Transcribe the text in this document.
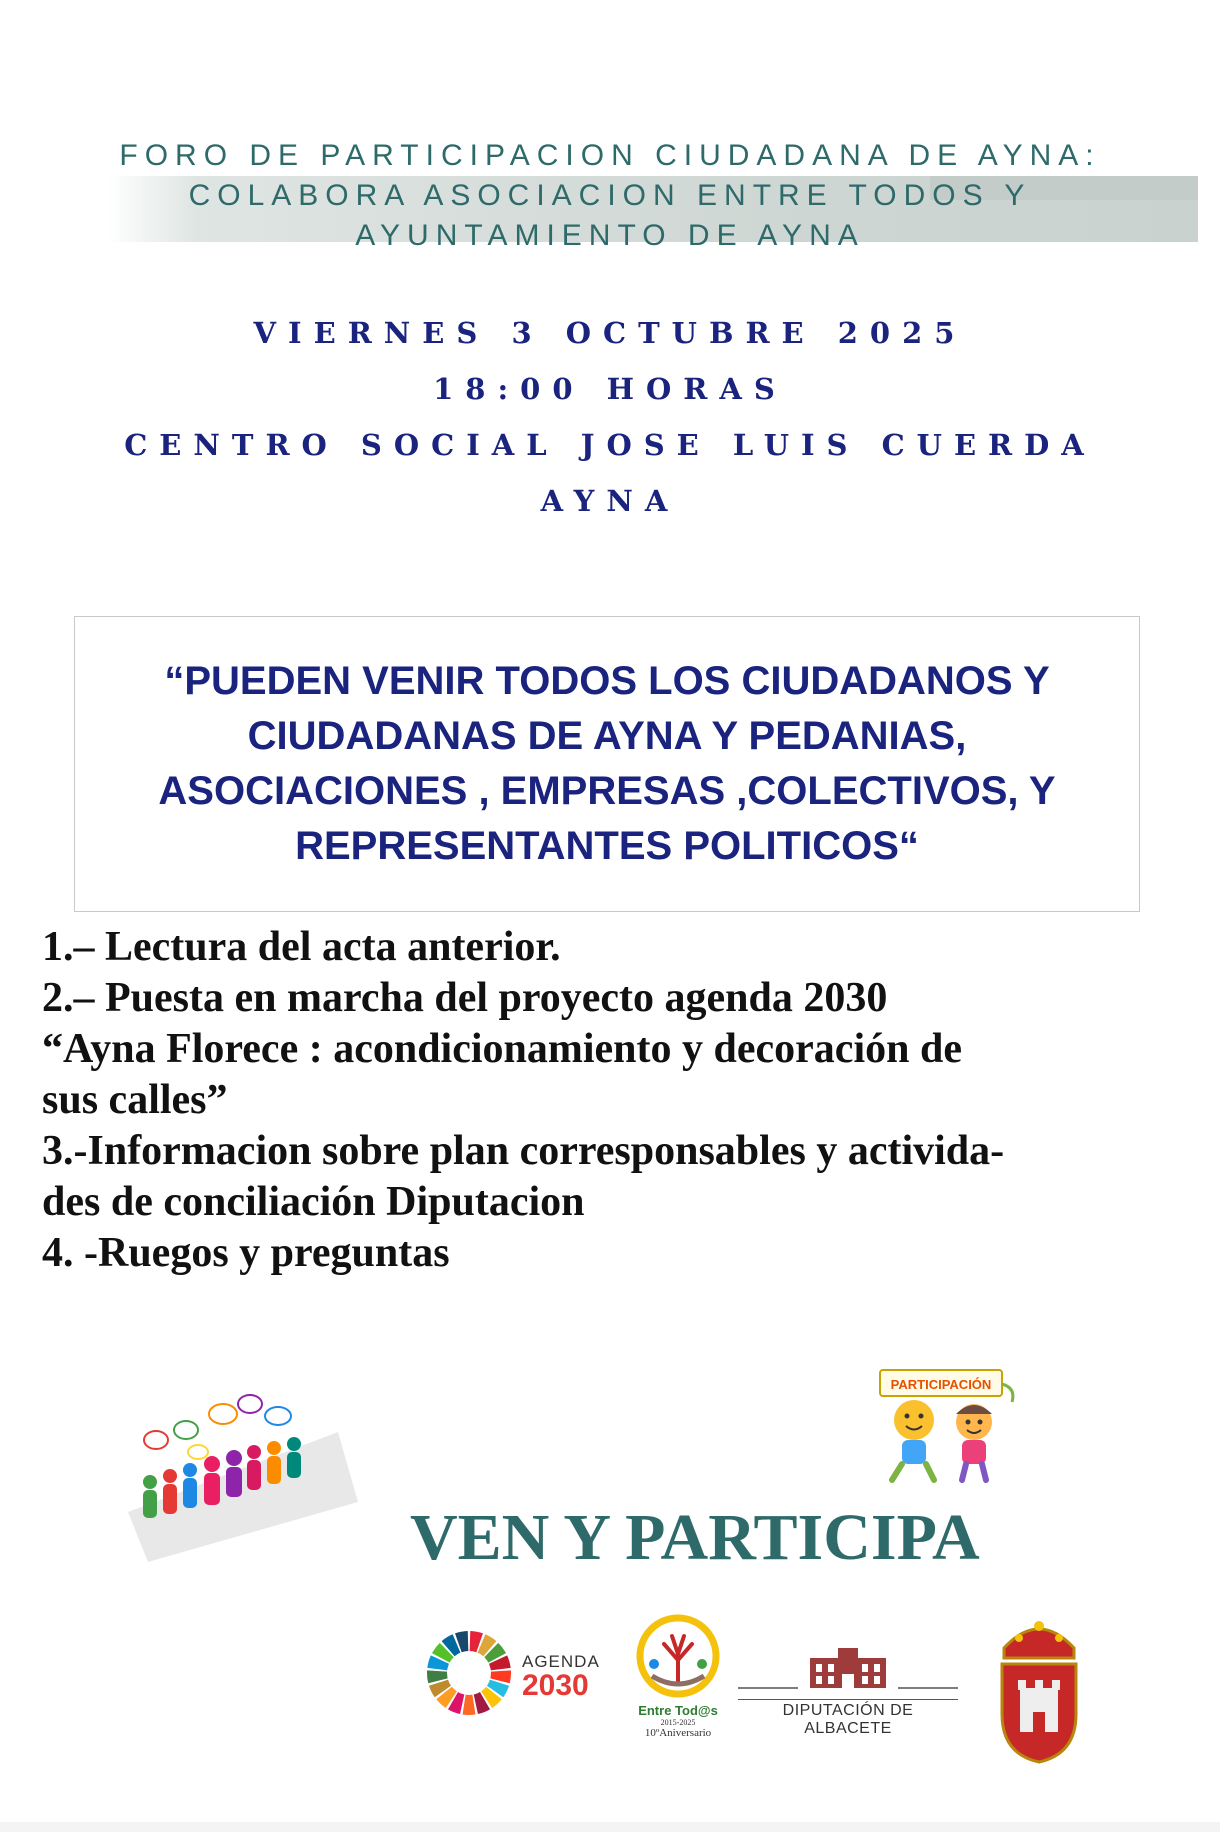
FORO DE PARTICIPACION CIUDADANA DE AYNA:
COLABORA ASOCIACION ENTRE TODOS Y
AYUNTAMIENTO DE AYNA
VIERNES 3 OCTUBRE 2025
18:00 HORAS
CENTRO SOCIAL JOSE LUIS CUERDA
AYNA
“PUEDEN VENIR TODOS LOS CIUDADANOS Y
CIUDADANAS DE AYNA Y PEDANIAS,
ASOCIACIONES , EMPRESAS ,COLECTIVOS, Y
REPRESENTANTES POLITICOS“
1.– Lectura del acta anterior.
2.– Puesta en marcha del proyecto agenda 2030
“Ayna Florece : acondicionamiento y decoración de
sus calles”
3.-Informacion sobre plan corresponsables y activida-
des de conciliación Diputacion
4. -Ruegos y preguntas
PARTICIPACIÓN
VEN Y PARTICIPA
AGENDA
2030
Entre Tod@s
2015-2025
10ºAniversario
DIPUTACIÓN DE ALBACETE
